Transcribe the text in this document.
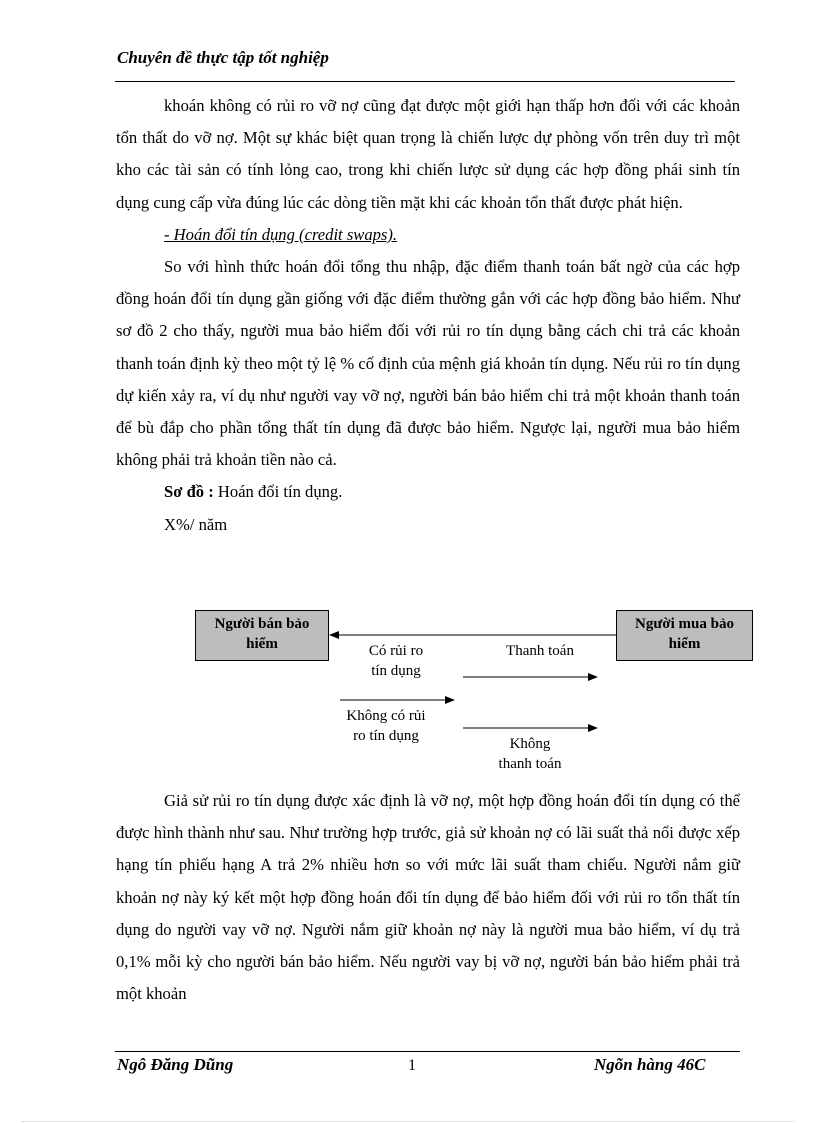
Chuyên đề thực tập tốt nghiệp

khoán không có rủi ro vỡ nợ cũng đạt được một giới hạn thấp hơn đối với các khoản tổn thất do vỡ nợ. Một sự khác biệt quan trọng là chiến lược dự phòng vốn trên duy trì một kho các tài sản có tính lỏng cao, trong khi chiến lược sử dụng các hợp đồng phái sinh tín dụng cung cấp vừa đúng lúc các dòng tiền mặt khi các khoản tổn thất được phát hiện.

- Hoán đổi tín dụng (credit swaps).

So với hình thức hoán đổi tổng thu nhập, đặc điểm thanh toán bất ngờ của các hợp đồng hoán đổi tín dụng gần giống với đặc điểm thường gắn với các hợp đồng bảo hiểm. Như sơ đồ 2 cho thấy, người mua bảo hiểm đối với rủi ro tín dụng bằng cách chi trả các khoản thanh toán định kỳ theo một tỷ lệ % cố định của mệnh giá khoản tín dụng. Nếu rủi ro tín dụng dự kiến xảy ra, ví dụ như người vay vỡ nợ, người bán bảo hiểm chi trả một khoản thanh toán để bù đắp cho phần tổng thất tín dụng đã được bảo hiểm. Ngược lại, người mua bảo hiểm không phải trả khoản tiền nào cả.

Sơ đồ : Hoán đổi tín dụng.

X%/ năm

Người bán bảo hiểm
Người mua bảo hiểm
Có rủi ro
tín dụng
Thanh toán
Không có rủi
ro tín dụng	Không
thanh toán

Giả sử rủi ro tín dụng được xác định là vỡ nợ, một hợp đồng hoán đổi tín dụng có thể được hình thành như sau. Như trường hợp trước, giả sử khoản nợ có lãi suất thả nổi được xếp hạng tín phiếu hạng A trả 2% nhiều hơn so với mức lãi suất tham chiếu. Người nắm giữ khoản nợ này ký kết một hợp đồng hoán đổi tín dụng để bảo hiểm đối với rủi ro tổn thất tín dụng do người vay vỡ nợ. Người nắm giữ khoản nợ này là người mua bảo hiểm, ví dụ trả 0,1% mỗi kỳ cho người bán bảo hiểm. Nếu người vay bị vỡ nợ, người bán bảo hiểm phải trả một khoản

Ngô Đăng Dũng	1	Ngõn hàng 46C
